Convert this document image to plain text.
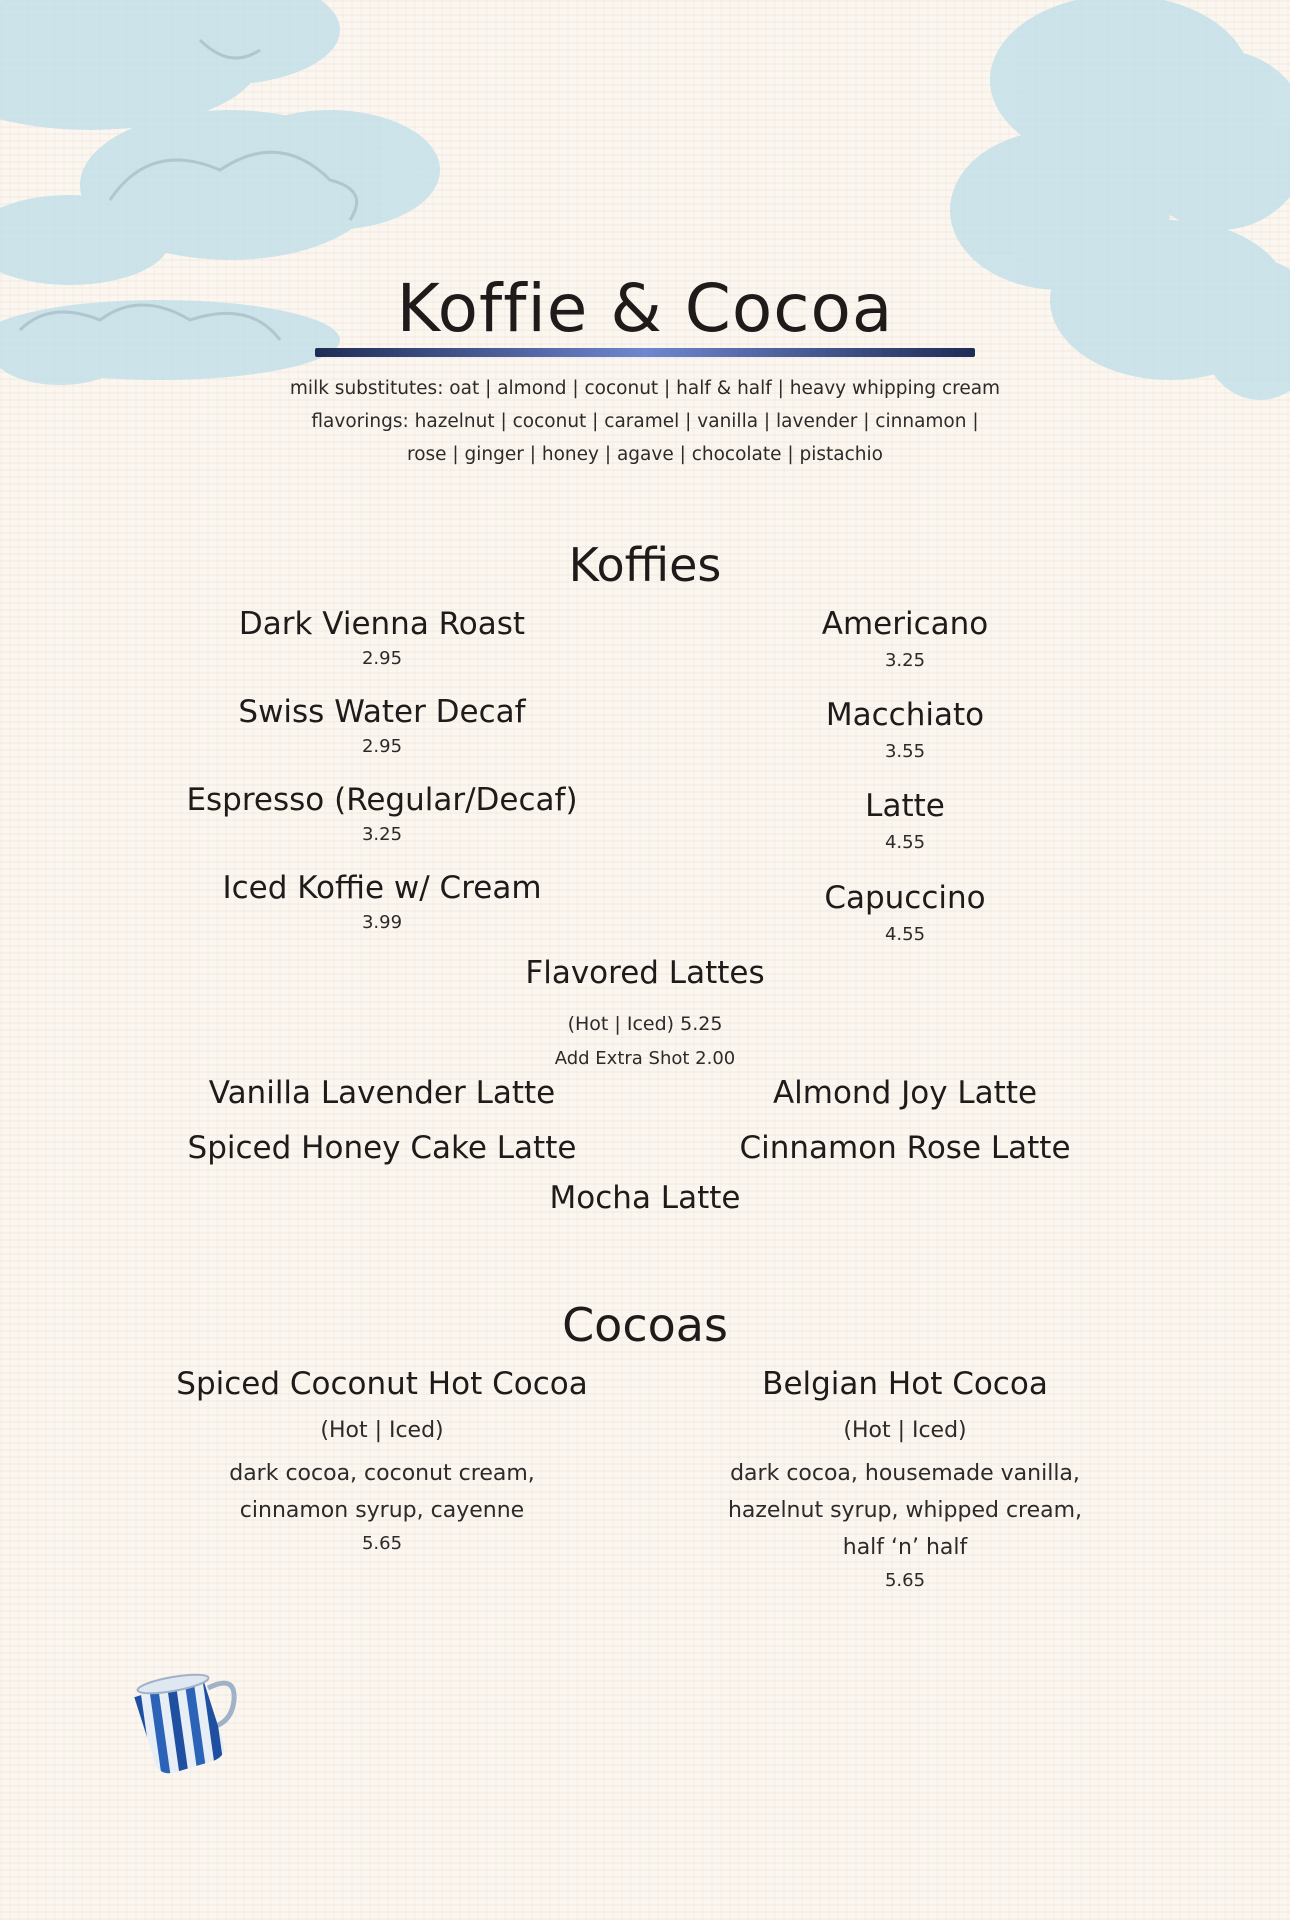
Koffie & Cocoa
milk substitutes: oat | almond | coconut | half & half | heavy whipping cream
flavorings: hazelnut | coconut | caramel | vanilla | lavender | cinnamon |
rose | ginger | honey | agave | chocolate | pistachio
Koffies
Dark Vienna Roast
2.95
Swiss Water Decaf
2.95
Espresso (Regular/Decaf)
3.25
Iced Koffie w/ Cream
3.99
Americano
3.25
Macchiato
3.55
Latte
4.55
Capuccino
4.55
Flavored Lattes
(Hot | Iced) 5.25
Add Extra Shot 2.00
Vanilla Lavender Latte	Almond Joy Latte
Spiced Honey Cake Latte	Cinnamon Rose Latte
Mocha Latte
Cocoas
Spiced Coconut Hot Cocoa
(Hot | Iced)
dark cocoa, coconut cream,
cinnamon syrup, cayenne
5.65
Belgian Hot Cocoa
(Hot | Iced)
dark cocoa, housemade vanilla,
hazelnut syrup, whipped cream,
half ‘n’ half
5.65
